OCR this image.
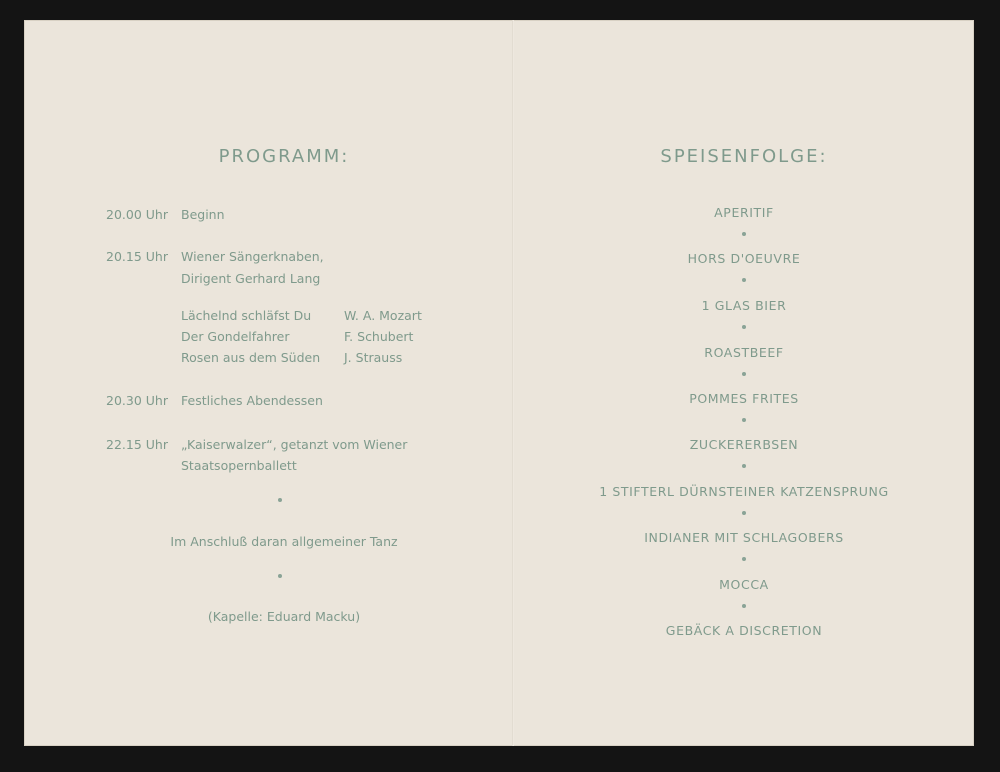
PROGRAMM:
20.00 Uhr Beginn
20.15 Uhr Wiener Sängerknaben,
Dirigent Gerhard Lang
Lächelnd schläfst Du	W. A. Mozart
Der Gondelfahrer	F. Schubert
Rosen aus dem Süden J. Strauss
20.30 Uhr Festliches Abendessen
22.15 Uhr „Kaiserwalzer“, getanzt vom Wiener
Staatsopernballett
Im Anschluß daran allgemeiner Tanz
(Kapelle: Eduard Macku)
SPEISENFOLGE:
APERITIF
HORS D'OEUVRE
1 GLAS BIER
ROASTBEEF
POMMES FRITES
ZUCKERERBSEN
1 STIFTERL DÜRNSTEINER KATZENSPRUNG
INDIANER MIT SCHLAGOBERS
MOCCA
GEBÄCK A DISCRETION
